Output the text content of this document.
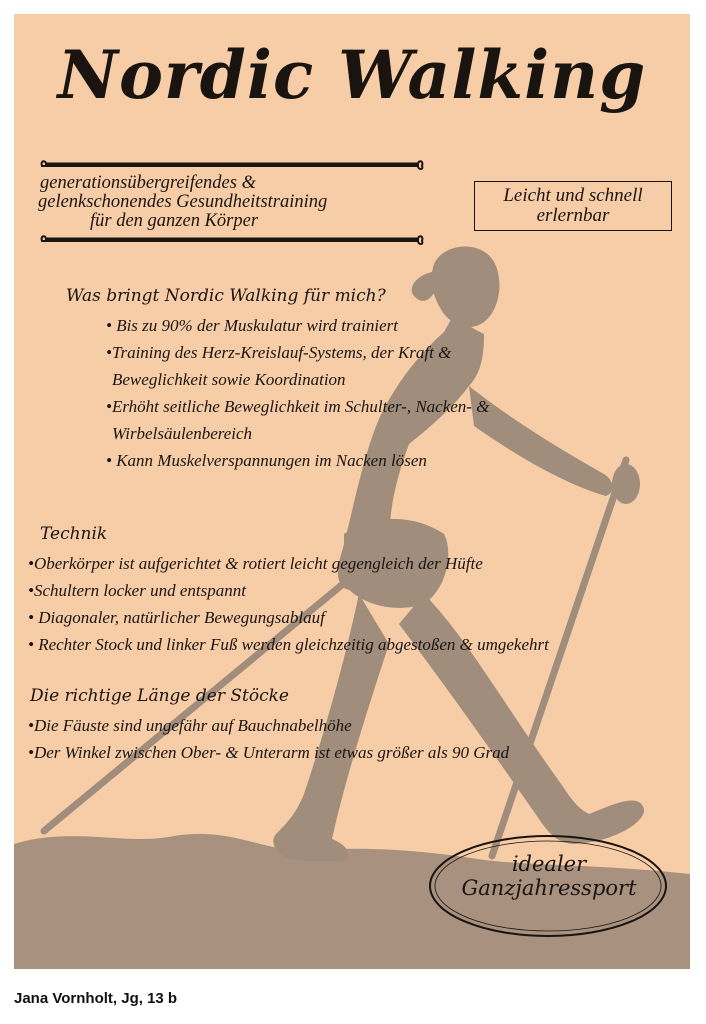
Nordic Walking
generationsübergreifendes &
gelenkschonendes Gesundheitstraining
für den ganzen Körper
Leicht und schnell
erlernbar
Was bringt Nordic Walking für mich?
• Bis zu 90% der Muskulatur wird trainiert
•Training des Herz-Kreislauf-Systems, der Kraft &
Beweglichkeit sowie Koordination
•Erhöht seitliche Beweglichkeit im Schulter-, Nacken- &
Wirbelsäulenbereich
• Kann Muskelverspannungen im Nacken lösen
Technik
•Oberkörper ist aufgerichtet & rotiert leicht gegengleich der Hüfte
•Schultern locker und entspannt
• Diagonaler, natürlicher Bewegungsablauf
• Rechter Stock und linker Fuß werden gleichzeitig abgestoßen & umgekehrt
Die richtige Länge der Stöcke
•Die Fäuste sind ungefähr auf Bauchnabelhöhe
•Der Winkel zwischen Ober- & Unterarm ist etwas größer als 90 Grad
idealer
Ganzjahressport
Jana Vornholt, Jg, 13 b
